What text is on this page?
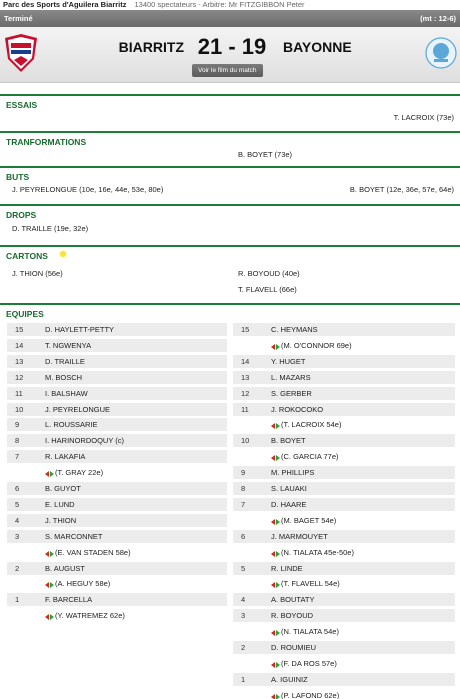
Parc des Sports d'Aguilera Biarritz 13400 spectateurs - Arbitre: Mr FITZGIBBON Peter
Terminé	(mt : 12-6)
BIARRITZ 21 - 19	BAYONNE
Voir le film du match
ESSAIS
T. LACROIX (73e)
TRANFORMATIONS
B. BOYET (73e)
BUTS
J. PEYRELONGUE (10e, 16e, 44e, 53e, 80e)	B. BOYET (12e, 36e, 57e, 64e)
DROPS
D. TRAILLE (19e, 32e)
CARTONS
J. THION (56e)	R. BOYOUD (40e)
T. FLAVELL (66e)
EQUIPES
15	D. HAYLETT-PETTY
14	T. NGWENYA
13	D. TRAILLE
12	M. BOSCH
11	I. BALSHAW
10	J. PEYRELONGUE
9	L. ROUSSARIE
8	I. HARINORDOQUY (c)
7	R. LAKAFIA
(T. GRAY 22e)
6	B. GUYOT
5	E. LUND
4	J. THION
3	S. MARCONNET
(E. VAN STADEN 58e)
2	B. AUGUST
(A. HEGUY 58e)
1	F. BARCELLA
(Y. WATREMEZ 62e)
15	C. HEYMANS
(M. O'CONNOR 69e)
14	Y. HUGET
13	L. MAZARS
12	S. GERBER
11	J. ROKOCOKO
(T. LACROIX 54e)
10	B. BOYET
(C. GARCIA 77e)
9	M. PHILLIPS
8	S. LAUAKI
7	D. HAARE
(M. BAGET 54e)
6	J. MARMOUYET
(N. TIALATA 45e-50e)
5	R. LINDE
(T. FLAVELL 54e)
4	A. BOUTATY
3	R. BOYOUD
(N. TIALATA 54e)
2	D. ROUMIEU
(F. DA ROS 57e)
1	A. IGUINIZ
(P. LAFOND 62e)
